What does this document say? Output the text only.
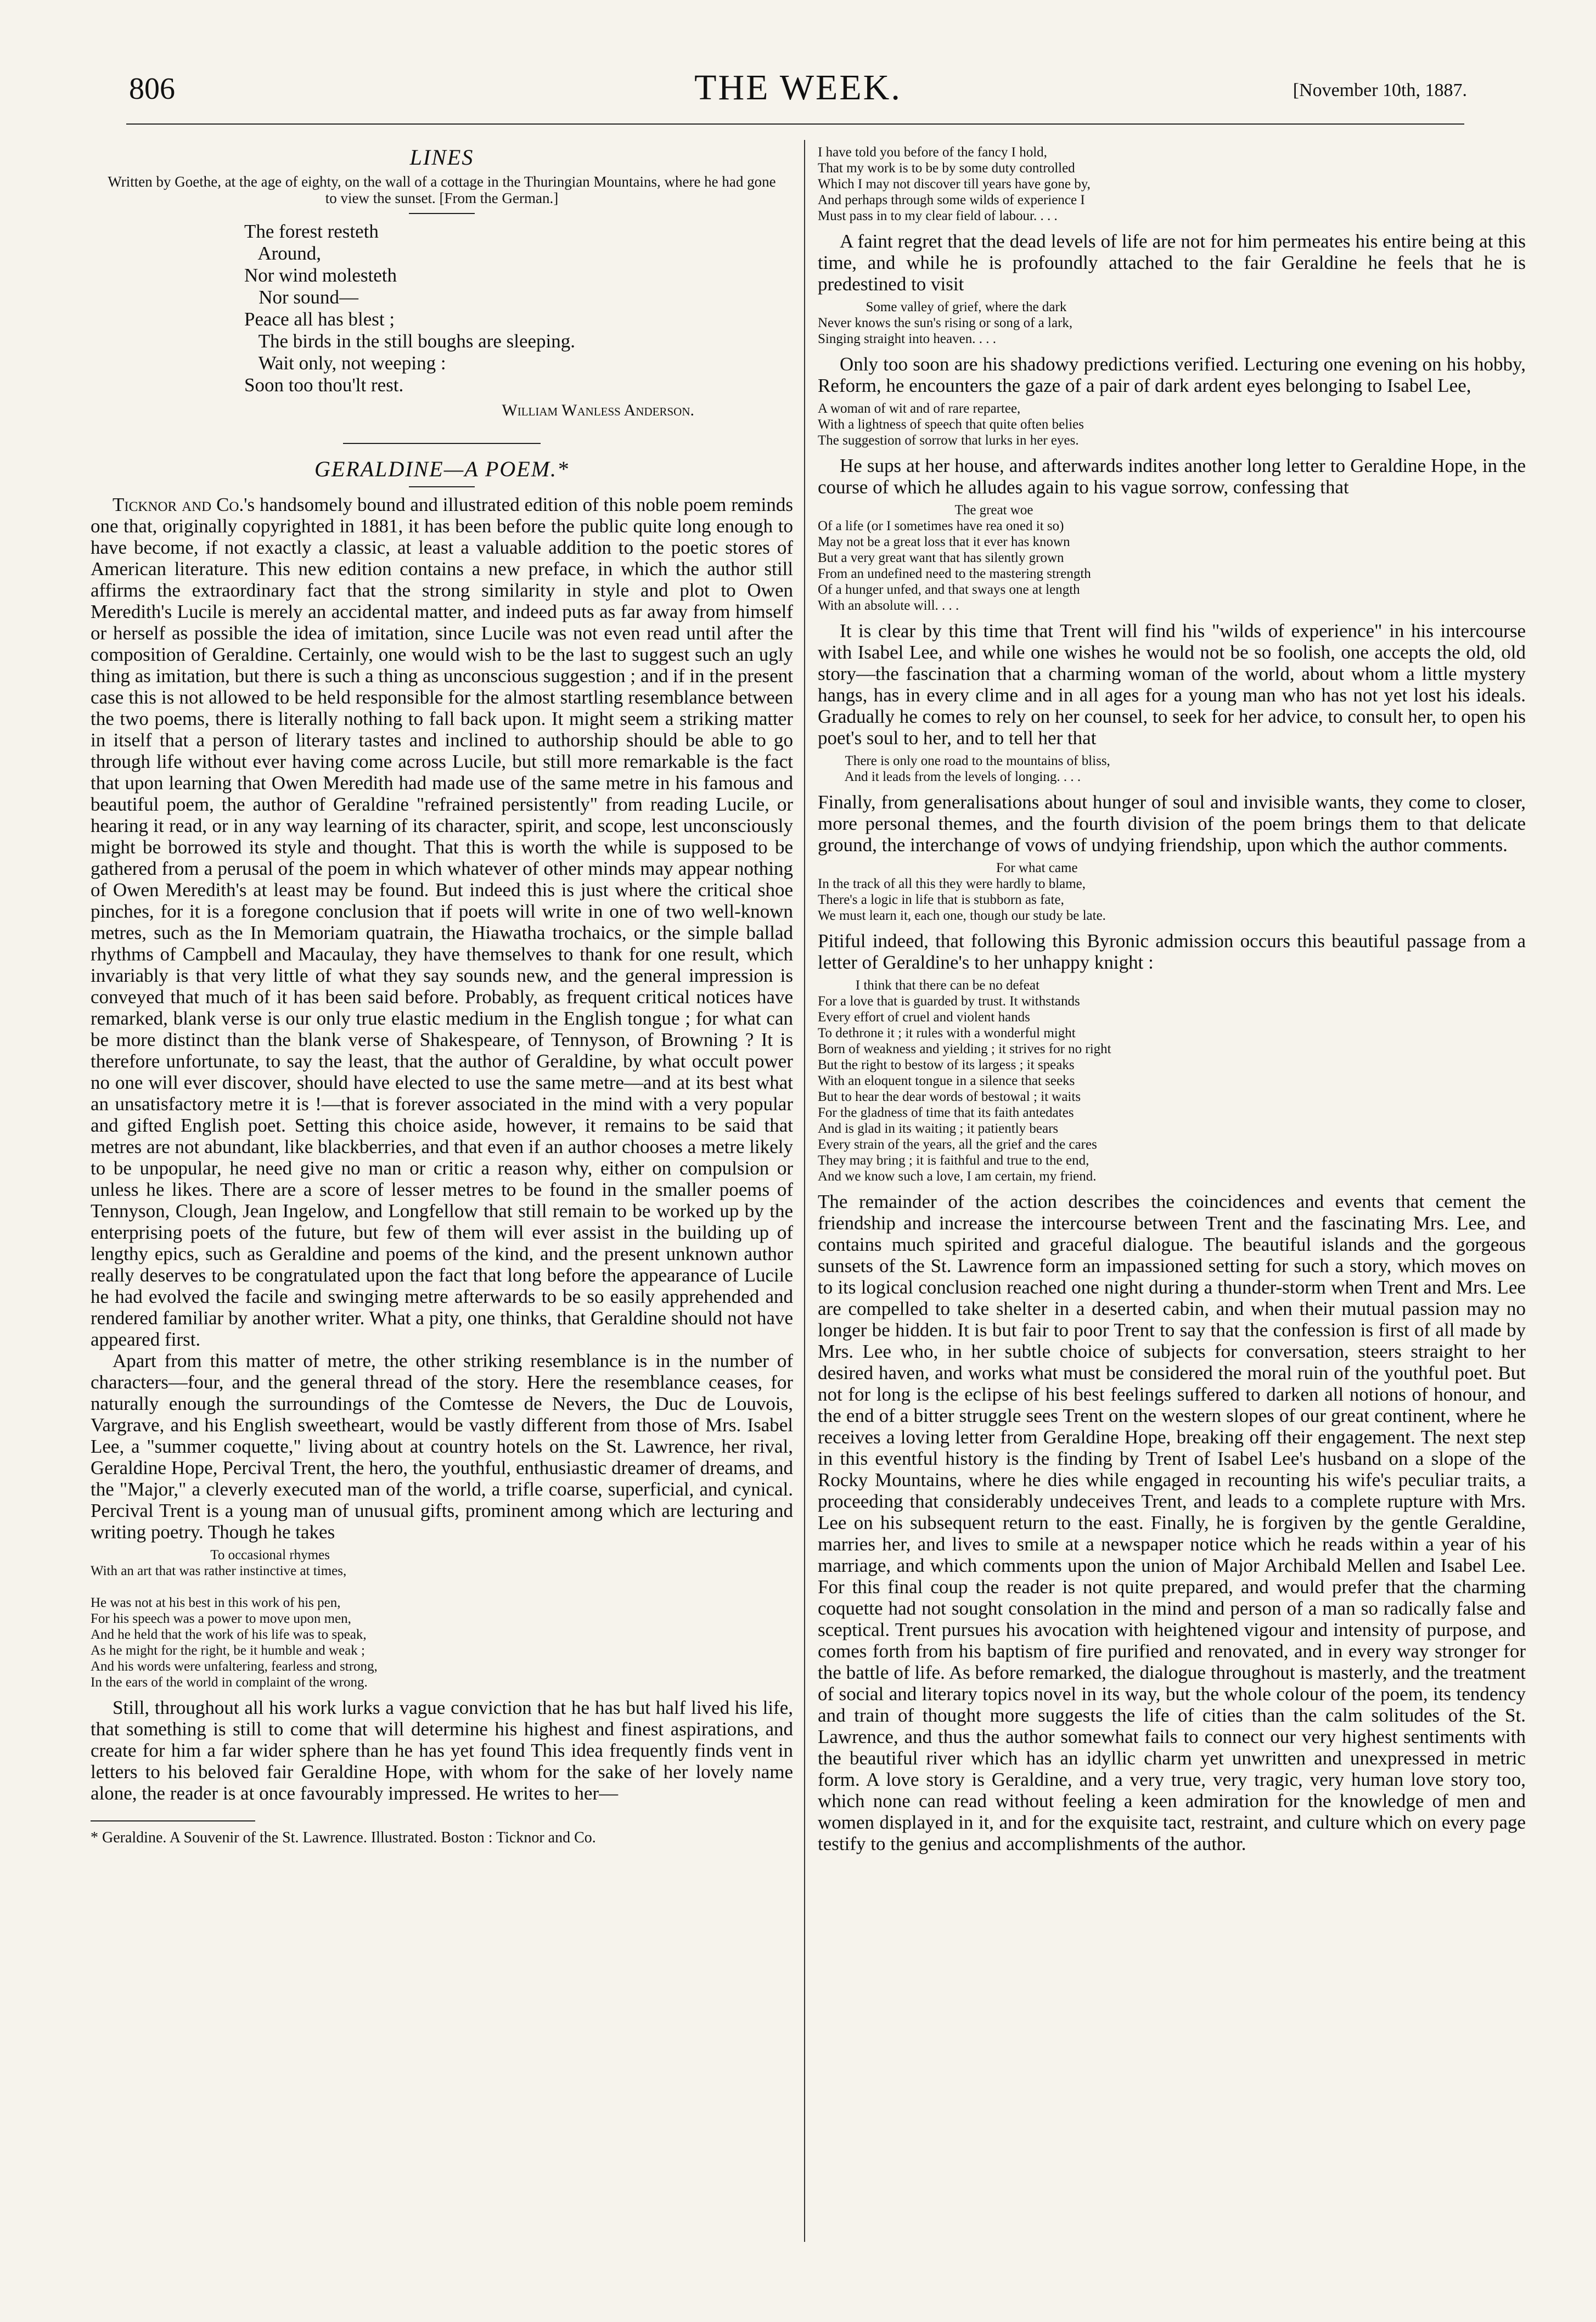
806	THE WEEK.	[November 10th, 1887.
LINES

Written by Goethe, at the age of eighty, on the wall of a cottage in the Thuringian Mountains, where he had gone to view the sunset. [From the German.]

The forest resteth
Around,
Nor wind molesteth
Nor sound—
Peace all has blest ;
The birds in the still boughs are sleeping.
Wait only, not weeping :
Soon too thou'lt rest.
William Wanless Anderson.
GERALDINE—A POEM.*

Ticknor and Co.'s handsomely bound and illustrated edition of this noble poem reminds one that, originally copyrighted in 1881, it has been before the public quite long enough to have become, if not exactly a classic, at least a valuable addition to the poetic stores of American literature. This new edition contains a new preface, in which the author still affirms the extraordinary fact that the strong similarity in style and plot to Owen Meredith's Lucile is merely an accidental matter, and indeed puts as far away from himself or herself as possible the idea of imitation, since Lucile was not even read until after the composition of Geraldine. Certainly, one would wish to be the last to suggest such an ugly thing as imitation, but there is such a thing as unconscious suggestion ; and if in the present case this is not allowed to be held responsible for the almost startling resemblance between the two poems, there is literally nothing to fall back upon. It might seem a striking matter in itself that a person of literary tastes and inclined to authorship should be able to go through life without ever having come across Lucile, but still more remarkable is the fact that upon learning that Owen Meredith had made use of the same metre in his famous and beautiful poem, the author of Geraldine "refrained persistently" from reading Lucile, or hearing it read, or in any way learning of its character, spirit, and scope, lest unconsciously might be borrowed its style and thought. That this is worth the while is supposed to be gathered from a perusal of the poem in which whatever of other minds may appear nothing of Owen Meredith's at least may be found. But indeed this is just where the critical shoe pinches, for it is a foregone conclusion that if poets will write in one of two well-known metres, such as the In Memoriam quatrain, the Hiawatha trochaics, or the simple ballad rhythms of Campbell and Macaulay, they have themselves to thank for one result, which invariably is that very little of what they say sounds new, and the general impression is conveyed that much of it has been said before. Probably, as frequent critical notices have remarked, blank verse is our only true elastic medium in the English tongue ; for what can be more distinct than the blank verse of Shakespeare, of Tennyson, of Browning ? It is therefore unfortunate, to say the least, that the author of Geraldine, by what occult power no one will ever discover, should have elected to use the same metre—and at its best what an unsatisfactory metre it is !—that is forever associated in the mind with a very popular and gifted English poet. Setting this choice aside, however, it remains to be said that metres are not abundant, like blackberries, and that even if an author chooses a metre likely to be unpopular, he need give no man or critic a reason why, either on compulsion or unless he likes. There are a score of lesser metres to be found in the smaller poems of Tennyson, Clough, Jean Ingelow, and Longfellow that still remain to be worked up by the enterprising poets of the future, but few of them will ever assist in the building up of lengthy epics, such as Geraldine and poems of the kind, and the present unknown author really deserves to be congratulated upon the fact that long before the appearance of Lucile he had evolved the facile and swinging metre afterwards to be so easily apprehended and rendered familiar by another writer. What a pity, one thinks, that Geraldine should not have appeared first.

Apart from this matter of metre, the other striking resemblance is in the number of characters—four, and the general thread of the story. Here the resemblance ceases, for naturally enough the surroundings of the Comtesse de Nevers, the Duc de Louvois, Vargrave, and his English sweetheart, would be vastly different from those of Mrs. Isabel Lee, a "summer coquette," living about at country hotels on the St. Lawrence, her rival, Geraldine Hope, Percival Trent, the hero, the youthful, enthusiastic dreamer of dreams, and the "Major," a cleverly executed man of the world, a trifle coarse, superficial, and cynical. Percival Trent is a young man of unusual gifts, prominent among which are lecturing and writing poetry. Though he takes

To occasional rhymes
With an art that was rather instinctive at times,

He was not at his best in this work of his pen,
For his speech was a power to move upon men,
And he held that the work of his life was to speak,
As he might for the right, be it humble and weak ;
And his words were unfaltering, fearless and strong,
In the ears of the world in complaint of the wrong.

Still, throughout all his work lurks a vague conviction that he has but half lived his life, that something is still to come that will determine his highest and finest aspirations, and create for him a far wider sphere than he has yet found This idea frequently finds vent in letters to his beloved fair Geraldine Hope, with whom for the sake of her lovely name alone, the reader is at once favourably impressed. He writes to her—

* Geraldine. A Souvenir of the St. Lawrence. Illustrated. Boston : Ticknor and Co.

I have told you before of the fancy I hold,
That my work is to be by some duty controlled
Which I may not discover till years have gone by,
And perhaps through some wilds of experience I
Must pass in to my clear field of labour. . . .

A faint regret that the dead levels of life are not for him permeates his entire being at this time, and while he is profoundly attached to the fair Geraldine he feels that he is predestined to visit

Some valley of grief, where the dark
Never knows the sun's rising or song of a lark,
Singing straight into heaven. . . .

Only too soon are his shadowy predictions verified. Lecturing one evening on his hobby, Reform, he encounters the gaze of a pair of dark ardent eyes belonging to Isabel Lee,

A woman of wit and of rare repartee,
With a lightness of speech that quite often belies
The suggestion of sorrow that lurks in her eyes.

He sups at her house, and afterwards indites another long letter to Geraldine Hope, in the course of which he alludes again to his vague sorrow, confessing that

The great woe
Of a life (or I sometimes have rea oned it so)
May not be a great loss that it ever has known
But a very great want that has silently grown
From an undefined need to the mastering strength
Of a hunger unfed, and that sways one at length
With an absolute will. . . .

It is clear by this time that Trent will find his "wilds of experience" in his intercourse with Isabel Lee, and while one wishes he would not be so foolish, one accepts the old, old story—the fascination that a charming woman of the world, about whom a little mystery hangs, has in every clime and in all ages for a young man who has not yet lost his ideals. Gradually he comes to rely on her counsel, to seek for her advice, to consult her, to open his poet's soul to her, and to tell her that

There is only one road to the mountains of bliss,
And it leads from the levels of longing. . . .

Finally, from generalisations about hunger of soul and invisible wants, they come to closer, more personal themes, and the fourth division of the poem brings them to that delicate ground, the interchange of vows of undying friendship, upon which the author comments.

For what came
In the track of all this they were hardly to blame,
There's a logic in life that is stubborn as fate,
We must learn it, each one, though our study be late.

Pitiful indeed, that following this Byronic admission occurs this beautiful passage from a letter of Geraldine's to her unhappy knight :

I think that there can be no defeat
For a love that is guarded by trust. It withstands
Every effort of cruel and violent hands
To dethrone it ; it rules with a wonderful might
Born of weakness and yielding ; it strives for no right
But the right to bestow of its largess ; it speaks
With an eloquent tongue in a silence that seeks
But to hear the dear words of bestowal ; it waits
For the gladness of time that its faith antedates
And is glad in its waiting ; it patiently bears
Every strain of the years, all the grief and the cares
They may bring ; it is faithful and true to the end,
And we know such a love, I am certain, my friend.

The remainder of the action describes the coincidences and events that cement the friendship and increase the intercourse between Trent and the fascinating Mrs. Lee, and contains much spirited and graceful dialogue. The beautiful islands and the gorgeous sunsets of the St. Lawrence form an impassioned setting for such a story, which moves on to its logical conclusion reached one night during a thunder-storm when Trent and Mrs. Lee are compelled to take shelter in a deserted cabin, and when their mutual passion may no longer be hidden. It is but fair to poor Trent to say that the confession is first of all made by Mrs. Lee who, in her subtle choice of subjects for conversation, steers straight to her desired haven, and works what must be considered the moral ruin of the youthful poet. But not for long is the eclipse of his best feelings suffered to darken all notions of honour, and the end of a bitter struggle sees Trent on the western slopes of our great continent, where he receives a loving letter from Geraldine Hope, breaking off their engagement. The next step in this eventful history is the finding by Trent of Isabel Lee's husband on a slope of the Rocky Mountains, where he dies while engaged in recounting his wife's peculiar traits, a proceeding that considerably undeceives Trent, and leads to a complete rupture with Mrs. Lee on his subsequent return to the east. Finally, he is forgiven by the gentle Geraldine, marries her, and lives to smile at a newspaper notice which he reads within a year of his marriage, and which comments upon the union of Major Archibald Mellen and Isabel Lee. For this final coup the reader is not quite prepared, and would prefer that the charming coquette had not sought consolation in the mind and person of a man so radically false and sceptical. Trent pursues his avocation with heightened vigour and intensity of purpose, and comes forth from his baptism of fire purified and renovated, and in every way stronger for the battle of life. As before remarked, the dialogue throughout is masterly, and the treatment of social and literary topics novel in its way, but the whole colour of the poem, its tendency and train of thought more suggests the life of cities than the calm solitudes of the St. Lawrence, and thus the author somewhat fails to connect our very highest sentiments with the beautiful river which has an idyllic charm yet unwritten and unexpressed in metric form. A love story is Geraldine, and a very true, very tragic, very human love story too, which none can read without feeling a keen admiration for the knowledge of men and women displayed in it, and for the exquisite tact, restraint, and culture which on every page testify to the genius and accomplishments of the author.
